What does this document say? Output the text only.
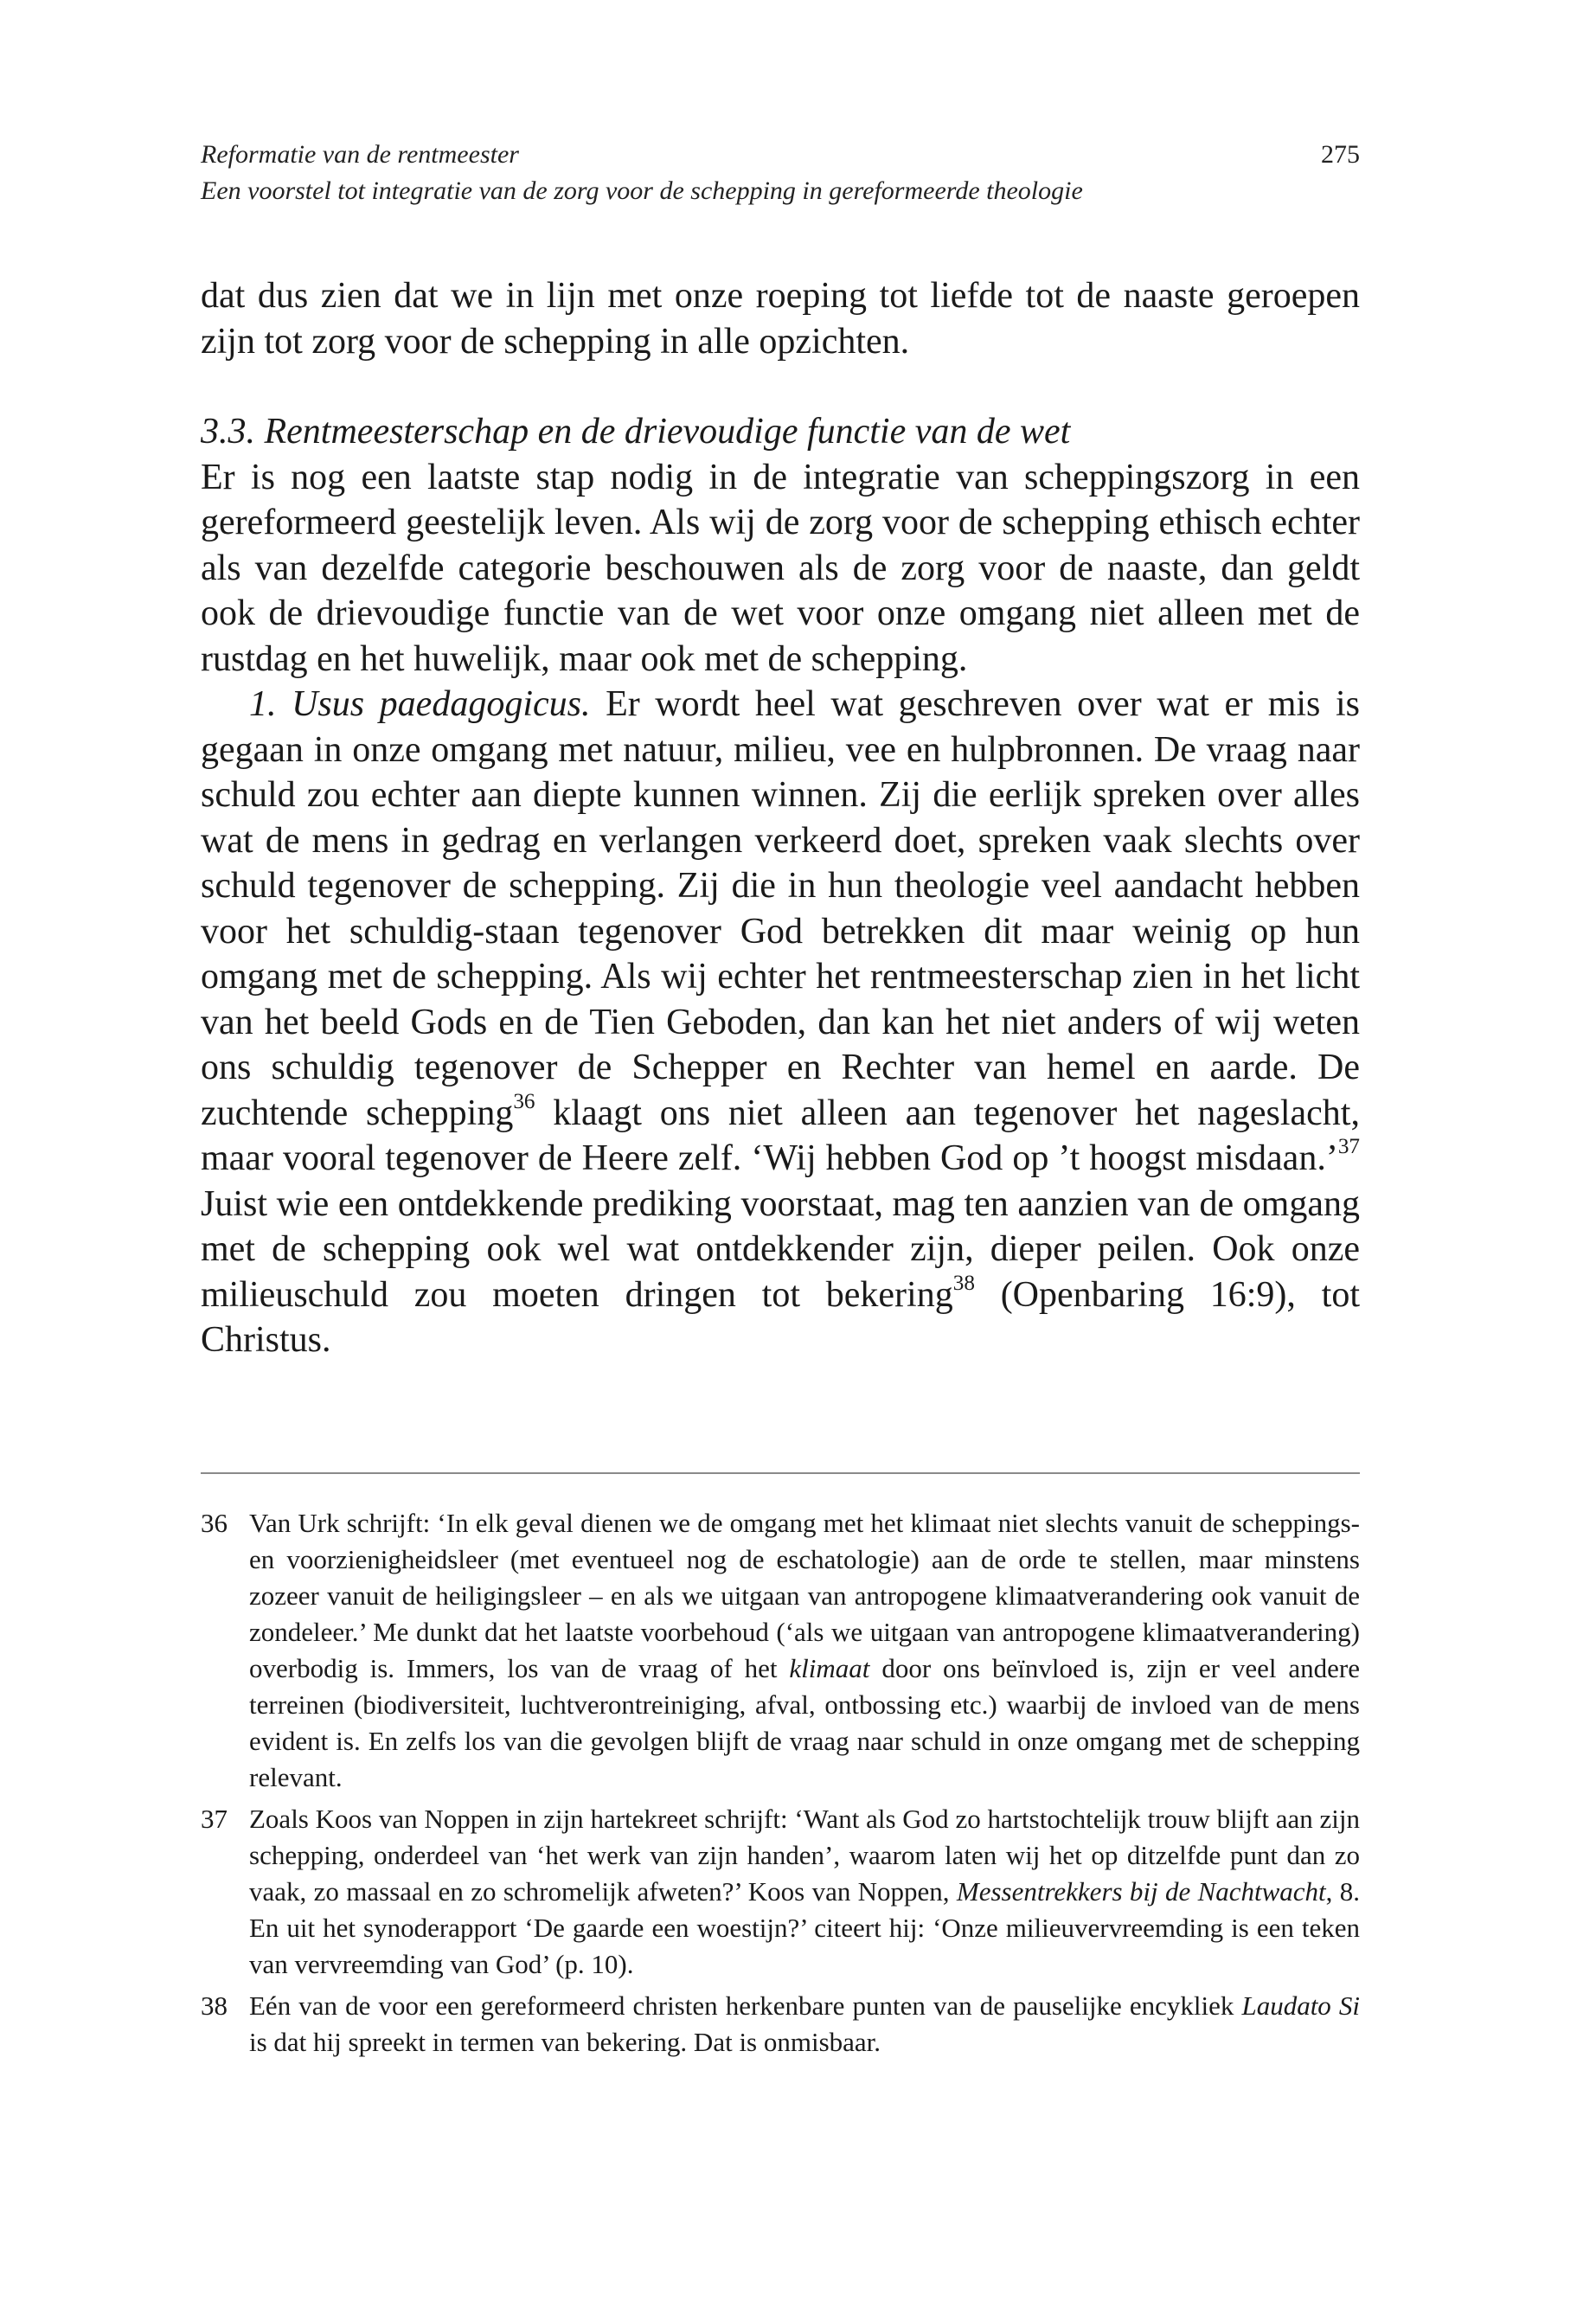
Reformatie van de rentmeester
Een voorstel tot integratie van de zorg voor de schepping in gereformeerde theologie
275

dat dus zien dat we in lijn met onze roeping tot liefde tot de naaste geroepen zijn tot zorg voor de schepping in alle opzichten.

3.3. Rentmeesterschap en de drievoudige functie van de wet

Er is nog een laatste stap nodig in de integratie van scheppingszorg in een gereformeerd geestelijk leven. Als wij de zorg voor de schepping ethisch echter als van dezelfde categorie beschouwen als de zorg voor de naaste, dan geldt ook de drievoudige functie van de wet voor onze omgang niet alleen met de rustdag en het huwelijk, maar ook met de schepping.

1. Usus paedagogicus. Er wordt heel wat geschreven over wat er mis is gegaan in onze omgang met natuur, milieu, vee en hulpbronnen. De vraag naar schuld zou echter aan diepte kunnen winnen. Zij die eerlijk spreken over alles wat de mens in gedrag en verlangen verkeerd doet, spreken vaak slechts over schuld tegenover de schepping. Zij die in hun theologie veel aandacht hebben voor het schuldig-staan tegenover God betrekken dit maar weinig op hun omgang met de schepping. Als wij echter het rentmeesterschap zien in het licht van het beeld Gods en de Tien Geboden, dan kan het niet anders of wij weten ons schuldig tegenover de Schepper en Rechter van hemel en aarde. De zuchtende schepping$^{36}$ klaagt ons niet alleen aan tegenover het nageslacht, maar vooral tegenover de Heere zelf. ‘Wij hebben God op ’t hoogst misdaan.’$^{37}$ Juist wie een ontdekkende prediking voorstaat, mag ten aanzien van de omgang met de schepping ook wel wat ontdekkender zijn, dieper peilen. Ook onze milieuschuld zou moeten dringen tot bekering$^{38}$ (Openbaring 16:9), tot Christus.

36 Van Urk schrijft: ‘In elk geval dienen we de omgang met het klimaat niet slechts vanuit de scheppings- en voorzienigheidsleer (met eventueel nog de eschatologie) aan de orde te stellen, maar minstens zozeer vanuit de heiligingsleer – en als we uitgaan van antropogene klimaatverandering ook vanuit de zondeleer.’ Me dunkt dat het laatste voorbehoud (‘als we uitgaan van antropogene klimaatverandering) overbodig is. Immers, los van de vraag of het klimaat door ons beïnvloed is, zijn er veel andere terreinen (biodiversiteit, luchtverontreiniging, afval, ontbossing etc.) waarbij de invloed van de mens evident is. En zelfs los van die gevolgen blijft de vraag naar schuld in onze omgang met de schepping relevant.
37 Zoals Koos van Noppen in zijn hartekreet schrijft: ‘Want als God zo hartstochtelijk trouw blijft aan zijn schepping, onderdeel van ‘het werk van zijn handen’, waarom laten wij het op ditzelfde punt dan zo vaak, zo massaal en zo schromelijk afweten?’ Koos van Noppen, Messentrekkers bij de Nachtwacht, 8. En uit het synoderapport ‘De gaarde een woestijn?’ citeert hij: ‘Onze milieuvervreemding is een teken van vervreemding van God’ (p. 10).
38 Eén van de voor een gereformeerd christen herkenbare punten van de pauselijke encykliek Laudato Si is dat hij spreekt in termen van bekering. Dat is onmisbaar.
